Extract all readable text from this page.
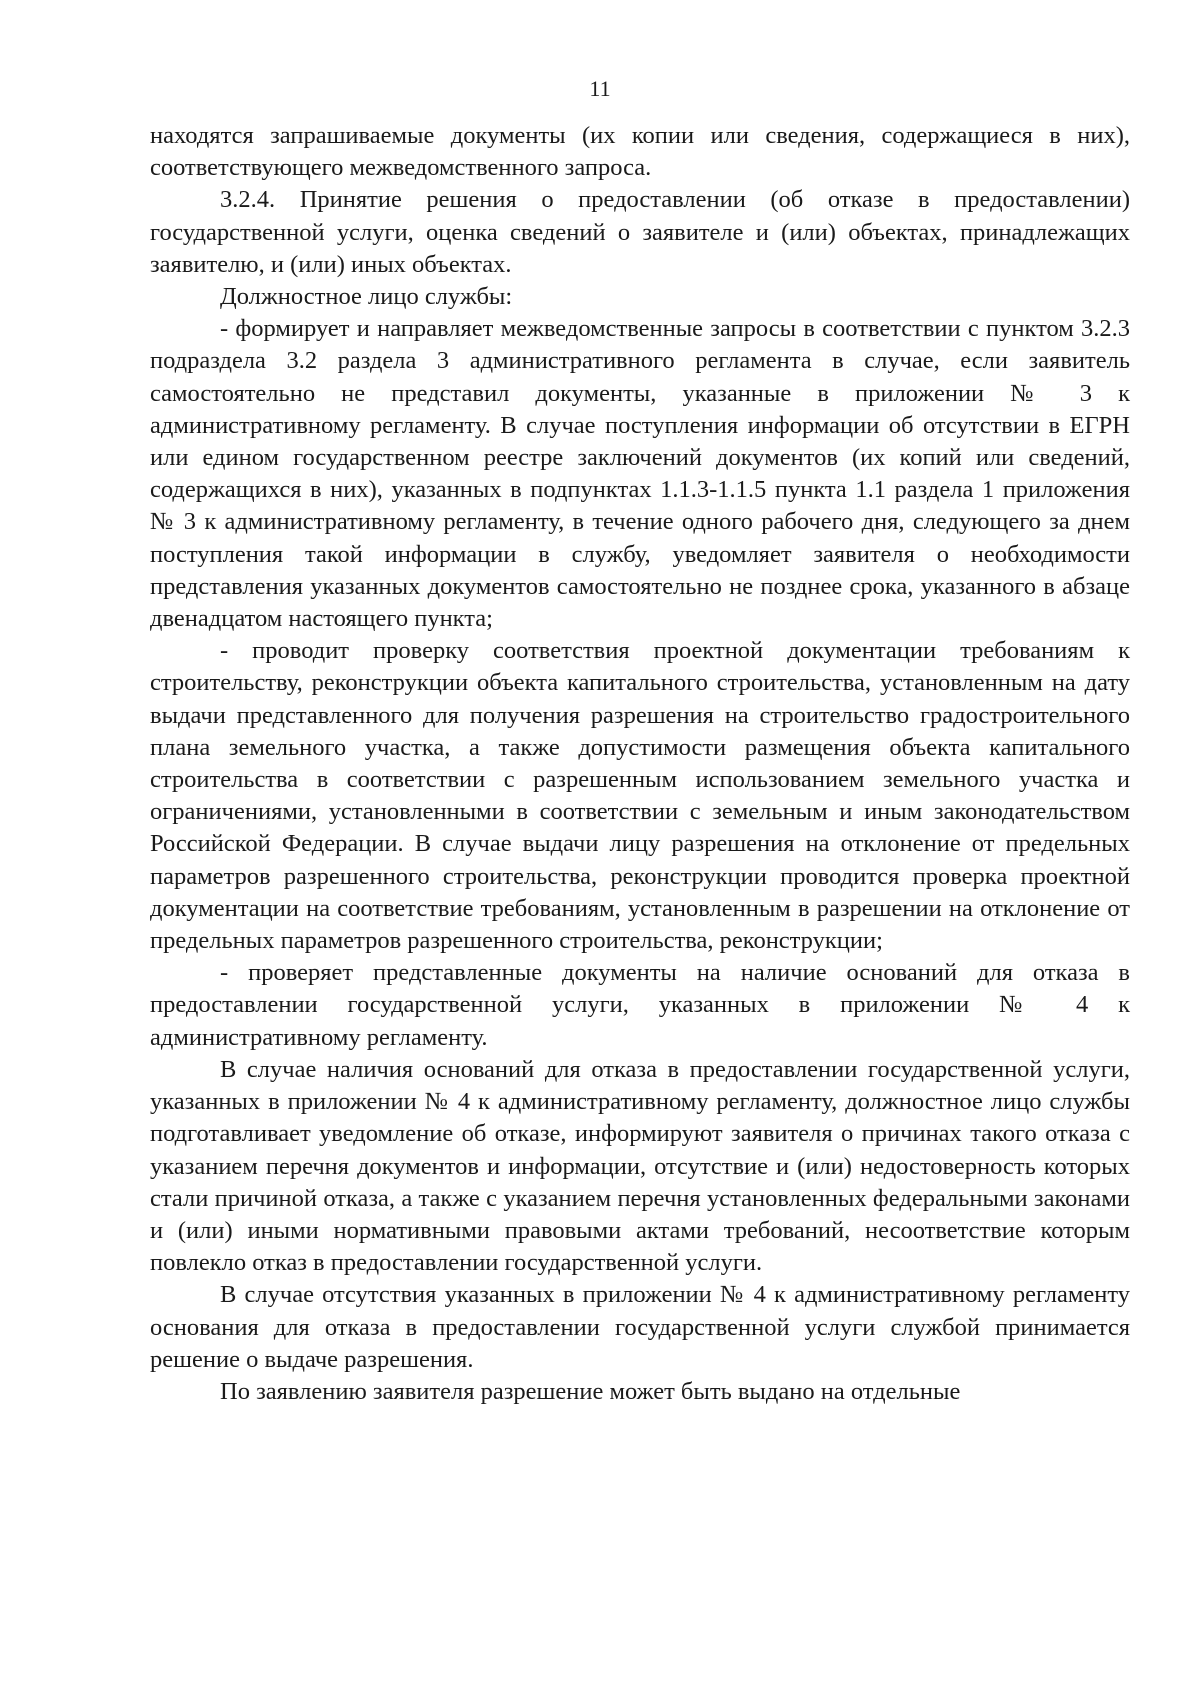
11

находятся запрашиваемые документы (их копии или сведения, содержащиеся в них), соответствующего межведомственного запроса.

3.2.4. Принятие решения о предоставлении (об отказе в предоставлении) государственной услуги, оценка сведений о заявителе и (или) объектах, принадлежащих заявителю, и (или) иных объектах.

Должностное лицо службы:

- формирует и направляет межведомственные запросы в соответствии с пунктом 3.2.3 подраздела 3.2 раздела 3 административного регламента в случае, если заявитель самостоятельно не представил документы, указанные в приложении № 3 к административному регламенту. В случае поступления информации об отсутствии в ЕГРН или едином государственном реестре заключений документов (их копий или сведений, содержащихся в них), указанных в подпунктах 1.1.3-1.1.5 пункта 1.1 раздела 1 приложения № 3 к административному регламенту, в течение одного рабочего дня, следующего за днем поступления такой информации в службу, уведомляет заявителя о необходимости представления указанных документов самостоятельно не позднее срока, указанного в абзаце двенадцатом настоящего пункта;

- проводит проверку соответствия проектной документации требованиям к строительству, реконструкции объекта капитального строительства, установленным на дату выдачи представленного для получения разрешения на строительство градостроительного плана земельного участка, а также допустимости размещения объекта капитального строительства в соответствии с разрешенным использованием земельного участка и ограничениями, установленными в соответствии с земельным и иным законодательством Российской Федерации. В случае выдачи лицу разрешения на отклонение от предельных параметров разрешенного строительства, реконструкции проводится проверка проектной документации на соответствие требованиям, установленным в разрешении на отклонение от предельных параметров разрешенного строительства, реконструкции;

- проверяет представленные документы на наличие оснований для отказа в предоставлении государственной услуги, указанных в приложении № 4 к административному регламенту.

В случае наличия оснований для отказа в предоставлении государственной услуги, указанных в приложении № 4 к административному регламенту, должностное лицо службы подготавливает уведомление об отказе, информируют заявителя о причинах такого отказа с указанием перечня документов и информации, отсутствие и (или) недостоверность которых стали причиной отказа, а также с указанием перечня установленных федеральными законами и (или) иными нормативными правовыми актами требований, несоответствие которым повлекло отказ в предоставлении государственной услуги.

В случае отсутствия указанных в приложении № 4 к административному регламенту основания для отказа в предоставлении государственной услуги службой принимается решение о выдаче разрешения.

По заявлению заявителя разрешение может быть выдано на отдельные
